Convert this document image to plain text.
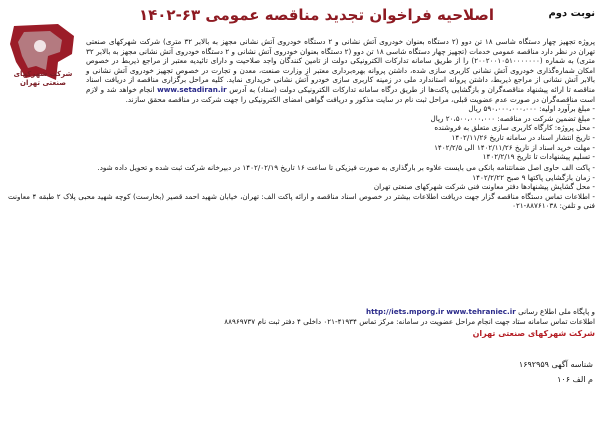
نوبت دوم
اصلاحیه فراخوان تجدید مناقصه عمومی ۶۳-۱۴۰۲
شرکت شهرکهای صنعتی تهران

پروژه تجهیز چهار دستگاه شاسی ۱۸ تن دوو (۲ دستگاه بعنوان خودروی آتش نشانی و ۲ دستگاه خودروی آتش نشانی مجهز به بالابر ۳۲ متری) شرکت شهرکهای صنعتی تهران در نظر دارد مناقصه عمومی خدمات (تجهیز چهار دستگاه شاسی ۱۸ تن دوو (۲ دستگاه بعنوان خودروی آتش نشانی و ۲ دستگاه خودروی آتش نشانی مجهز به بالابر ۳۲ متری) به شماره (۲۰۰۲۰۰۱۰۵۱۰۰۰۰۰۰۰) را از طریق سامانه تدارکات الکترونیکی دولت از تامین کنندگان واجد صلاحیت و دارای تائیدیه معتبر از مراجع ذیربط در خصوص امکان شماره‌گذاری خودروی آتش نشانی کاربری سازی شده، داشتن پروانه بهره‌برداری معتبر از وزارت صنعت، معدن و تجارت در خصوص تجهیز خودروی آتش نشانی و بالابر آتش نشانی از مراجع ذیربط، داشتن پروانه استاندارد ملی در زمینه کاربری سازی خودرو آتش نشانی خریداری نماید. کلیه مراحل برگزاری مناقصه از دریافت اسناد مناقصه تا ارائه پیشنهاد مناقصه‌گران و بازگشایی پاکت‌ها از طریق درگاه سامانه تدارکات الکترونیکی دولت (ستاد) به آدرس www.setadiran.ir انجام خواهد شد و لازم است مناقصه‌گران در صورت عدم عضویت قبلی، مراحل ثبت نام در سایت مذکور و دریافت گواهی امضای الکترونیکی را جهت شرکت در مناقصه محقق سازند.

- مبلغ برآورد اولیه: ۵۹۰،۰۰۰،۰۰۰،۰۰۰ ریال
- مبلغ تضمین شرکت در مناقصه: ۲۰،۵۰۰،۰۰۰،۰۰۰ ریال
- محل پروژه: کارگاه کاربری سازی متعلق به فروشنده
- تاریخ انتشار اسناد در سامانه تاریخ ۱۴۰۲/۱۱/۲۶
- مهلت خرید اسناد از تاریخ ۱۴۰۲/۱۱/۲۶ الی ۱۴۰۲/۲/۵
- تسلیم پیشنهادات تا تاریخ ۱۴۰۲/۲/۱۹
- پاکت الف حاوی اصل ضمانتنامه بانکی می بایست علاوه بر بارگذاری به صورت فیزیکی تا ساعت ۱۶ تاریخ ۱۴۰۲/۰۲/۱۹ در دبیرخانه شرکت ثبت شده و تحویل داده شود.
- زمان بازگشایی پاکتها ۹ صبح ۱۴۰۲/۲/۲۲
- محل گشایش پیشنهادها دفتر معاونت فنی شرکت شهرکهای صنعتی تهران
- اطلاعات تماس دستگاه مناقصه گزار جهت دریافت اطلاعات بیشتر در خصوص اسناد مناقصه و ارائه پاکت الف: تهران، خیابان شهید احمد قصیر (بخارست) کوچه شهید محبی پلاک ۲ طبقه ۴ معاونت فنی و تلفن: ۸۸۷۶۱۰۳۸-۰۲۱
و پایگاه ملی اطلاع رسانی http://iets.mporg.ir www.tehraniec.ir
اطلاعات تماس سامانه ستاد جهت انجام مراحل عضویت در سامانه: مرکز تماس ۴۱۹۳۴-۰۲۱ داخلی ۴ دفتر ثبت نام ۸۸۹۶۹۷۳۷
شرکت شهرکهای صنعتی تهران
شناسه آگهی ۱۶۹۲۹۵۹
م الف ۱۰۶
